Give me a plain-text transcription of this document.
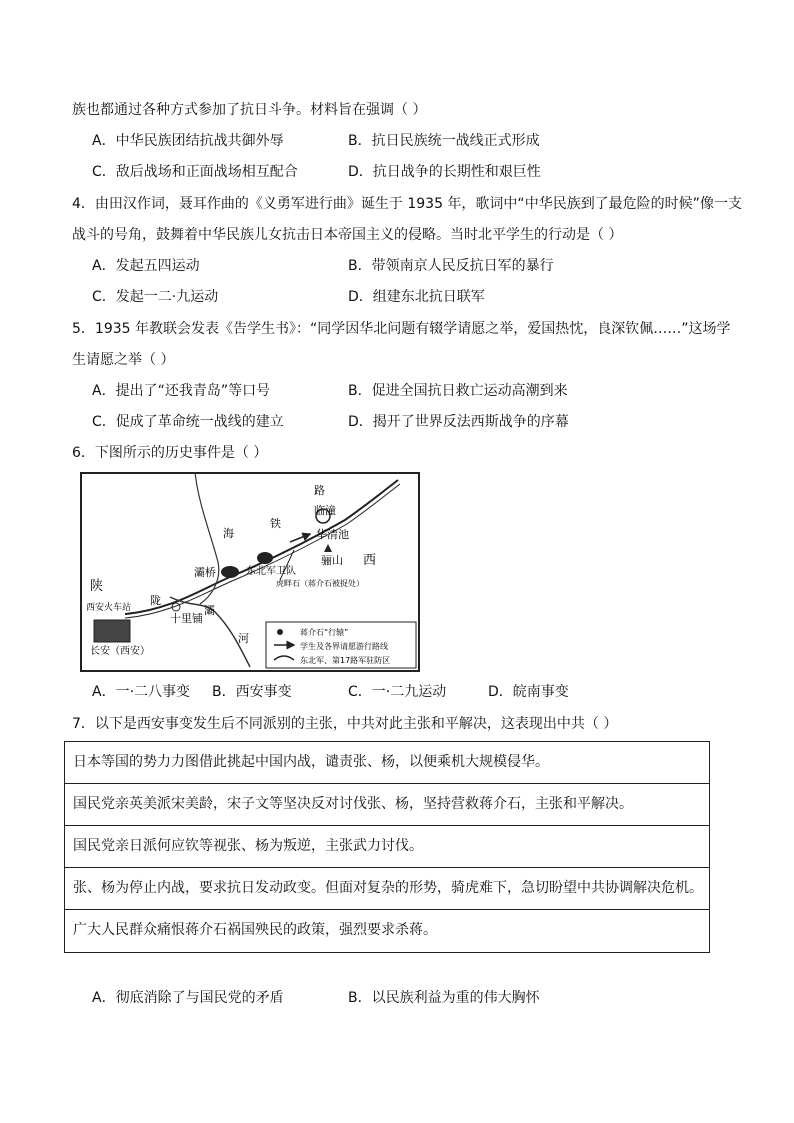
族也都通过各种方式参加了抗日斗争。材料旨在强调（ ）
A．中华民族团结抗战共御外辱	B．抗日民族统一战线正式形成
C．敌后战场和正面战场相互配合	D．抗日战争的长期性和艰巨性
4．由田汉作词，聂耳作曲的《义勇军进行曲》诞生于 1935 年，歌词中“中华民族到了最危险的时候”像一支
战斗的号角，鼓舞着中华民族儿女抗击日本帝国主义的侵略。当时北平学生的行动是（ ）
A．发起五四运动	B．带领南京人民反抗日军的暴行
C．发起一二·九运动	D．组建东北抗日联军
5．1935 年教联会发表《告学生书》：“同学因华北问题有辍学请愿之举，爱国热忱，良深钦佩……”这场学
生请愿之举（ ）
A．提出了“还我青岛”等口号	B．促进全国抗日救亡运动高潮到来
C．促成了革命统一战线的建立	D．揭开了世界反法西斯战争的序幕
6．下图所示的历史事件是（ ）
陕
西
陇
海
铁
路
临潼
华清池
骊山
虎畔石（蒋介石被捉处）
东北军卫队
灞桥
灞
河
十里铺
西安火车站
长安（西安）
蒋介石“行辕”
学生及各界请愿游行路线
东北军、第17路军驻防区
A．一·二八事变 B．西安事变	C．一·二九运动	D．皖南事变
7．以下是西安事变发生后不同派别的主张，中共对此主张和平解决，这表现出中共（ ）
日本等国的势力力图借此挑起中国内战，谴责张、杨，以便乘机大规模侵华。
国民党亲英美派宋美龄，宋子文等坚决反对讨伐张、杨，坚持营救蒋介石，主张和平解决。
国民党亲日派何应钦等视张、杨为叛逆，主张武力讨伐。
张、杨为停止内战，要求抗日发动政变。但面对复杂的形势，骑虎难下，急切盼望中共协调解决危机。
广大人民群众痛恨蒋介石祸国殃民的政策，强烈要求杀蒋。
A．彻底消除了与国民党的矛盾	B．以民族利益为重的伟大胸怀
